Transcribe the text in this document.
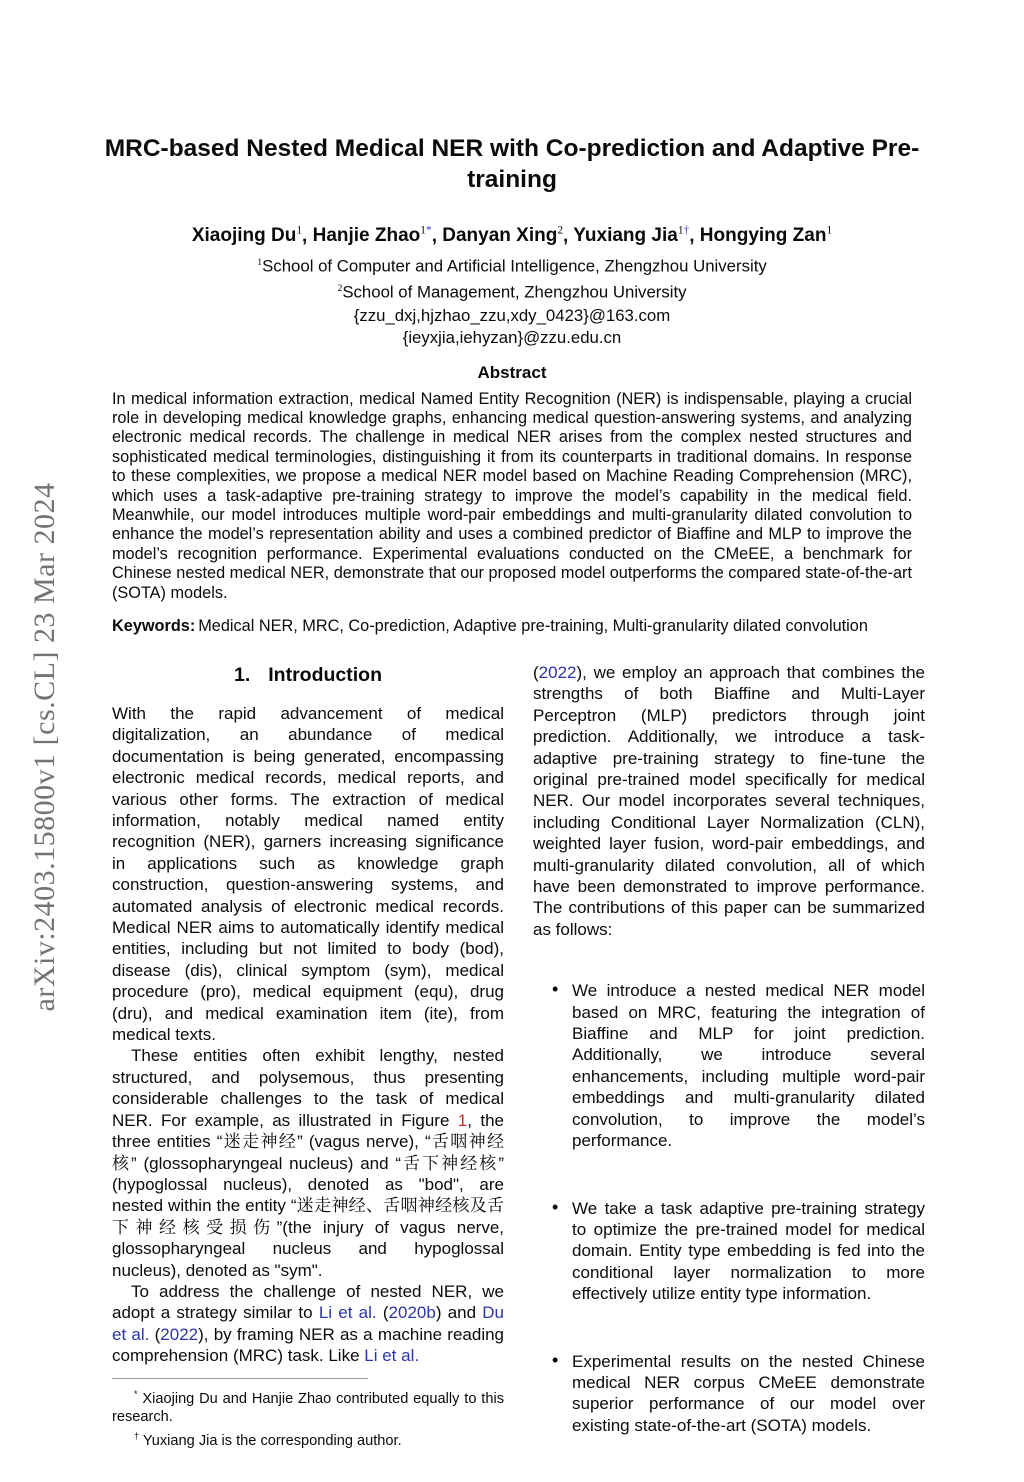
arXiv:2403.15800v1 [cs.CL] 23 Mar 2024
MRC-based Nested Medical NER with Co-prediction and Adaptive Pre-training
Xiaojing Du$^1$, Hanjie Zhao$^{1*}$, Danyan Xing$^2$, Yuxiang Jia$^{1\dagger}$, Hongying Zan$^1$
$^1$School of Computer and Artificial Intelligence, Zhengzhou University
$^2$School of Management, Zhengzhou University
{zzu_dxj,hjzhao_zzu,xdy_0423}@163.com
{ieyxjia,iehyzan}@zzu.edu.cn
Abstract

In medical information extraction, medical Named Entity Recognition (NER) is indispensable, playing a crucial role in developing medical knowledge graphs, enhancing medical question-answering systems, and analyzing electronic medical records. The challenge in medical NER arises from the complex nested structures and sophisticated medical terminologies, distinguishing it from its counterparts in traditional domains. In response to these complexities, we propose a medical NER model based on Machine Reading Comprehension (MRC), which uses a task-adaptive pre-training strategy to improve the model’s capability in the medical field. Meanwhile, our model introduces multiple word-pair embeddings and multi-granularity dilated convolution to enhance the model’s representation ability and uses a combined predictor of Biaffine and MLP to improve the model’s recognition performance. Experimental evaluations conducted on the CMeEE, a benchmark for Chinese nested medical NER, demonstrate that our proposed model outperforms the compared state-of-the-art (SOTA) models.

Keywords: Medical NER, MRC, Co-prediction, Adaptive pre-training, Multi-granularity dilated convolution

1. Introduction

With the rapid advancement of medical digitalization, an abundance of medical documentation is being generated, encompassing electronic medical records, medical reports, and various other forms. The extraction of medical information, notably medical named entity recognition (NER), garners increasing significance in applications such as knowledge graph construction, question-answering systems, and automated analysis of electronic medical records. Medical NER aims to automatically identify medical entities, including but not limited to body (bod), disease (dis), clinical symptom (sym), medical procedure (pro), medical equipment (equ), drug (dru), and medical examination item (ite), from medical texts.

These entities often exhibit lengthy, nested structured, and polysemous, thus presenting considerable challenges to the task of medical NER. For example, as illustrated in Figure 1, the three entities “迷走神经” (vagus nerve), “舌咽神经核” (glossopharyngeal nucleus) and “舌下神经核” (hypoglossal nucleus), denoted as "bod", are nested within the entity “迷走神经、舌咽神经核及舌下神经核受损伤”(the injury of vagus nerve, glossopharyngeal nucleus and hypoglossal nucleus), denoted as "sym".

To address the challenge of nested NER, we adopt a strategy similar to Li et al. (2020b) and Du et al. (2022), by framing NER as a machine reading comprehension (MRC) task. Like Li et al.

* Xiaojing Du and Hanjie Zhao contributed equally to this research.

† Yuxiang Jia is the corresponding author.

(2022), we employ an approach that combines the strengths of both Biaffine and Multi-Layer Perceptron (MLP) predictors through joint prediction. Additionally, we introduce a task-adaptive pre-training strategy to fine-tune the original pre-trained model specifically for medical NER. Our model incorporates several techniques, including Conditional Layer Normalization (CLN), weighted layer fusion, word-pair embeddings, and multi-granularity dilated convolution, all of which have been demonstrated to improve performance. The contributions of this paper can be summarized as follows:

• We introduce a nested medical NER model based on MRC, featuring the integration of Biaffine and MLP for joint prediction. Additionally, we introduce several enhancements, including multiple word-pair embeddings and multi-granularity dilated convolution, to improve the model’s performance.
• We take a task adaptive pre-training strategy to optimize the pre-trained model for medical domain. Entity type embedding is fed into the conditional layer normalization to more effectively utilize entity type information.
• Experimental results on the nested Chinese medical NER corpus CMeEE demonstrate superior performance of our model over existing state-of-the-art (SOTA) models.
